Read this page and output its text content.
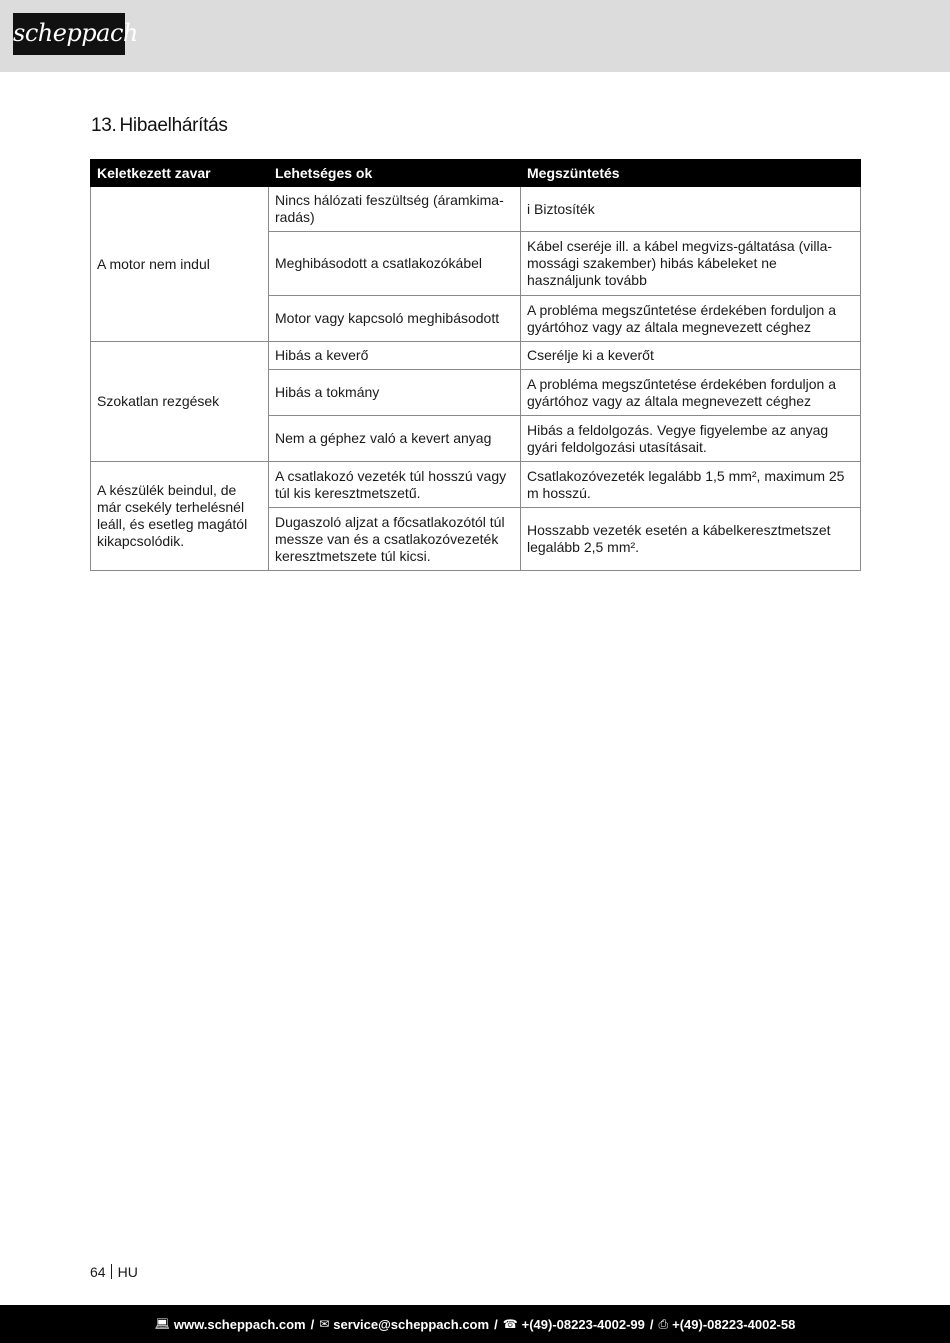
scheppach
13. Hibaelhárítás
Keletkezett zavar	Lehetséges ok	Megszüntetés
A motor nem indul	Nincs hálózati feszültség (áramkima-radás)	i Biztosíték
	Meghibásodott a csatlakozókábel	Kábel cseréje ill. a kábel megvizs-gáltatása (villa-mossági szakember) hibás kábeleket ne használjunk tovább
	Motor vagy kapcsoló meghibásodott	A probléma megszűntetése érdekében forduljon a gyártóhoz vagy az általa megnevezett céghez
Szokatlan rezgések	Hibás a keverő	Cserélje ki a keverőt
	Hibás a tokmány	A probléma megszűntetése érdekében forduljon a gyártóhoz vagy az általa megnevezett céghez
	Nem a géphez való a kevert anyag	Hibás a feldolgozás. Vegye figyelembe az anyag gyári feldolgozási utasításait.
A készülék beindul, de már csekély terhelésnél leáll, és esetleg magától kikapcsolódik.	A csatlakozó vezeték túl hosszú vagy túl kis keresztmetszetű.	Csatlakozóvezeték legalább 1,5 mm², maximum 25 m hosszú.
	Dugaszoló aljzat a főcsatlakozótól túl messze van és a csatlakozóvezeték keresztmetszete túl kicsi.	Hosszabb vezeték esetén a kábelkeresztmetszet legalább 2,5 mm².
64 HU
💻︎ www.scheppach.com / ✉︎ service@scheppach.com / ☎ +(49)-08223-4002-99 / ⎙ +(49)-08223-4002-58
